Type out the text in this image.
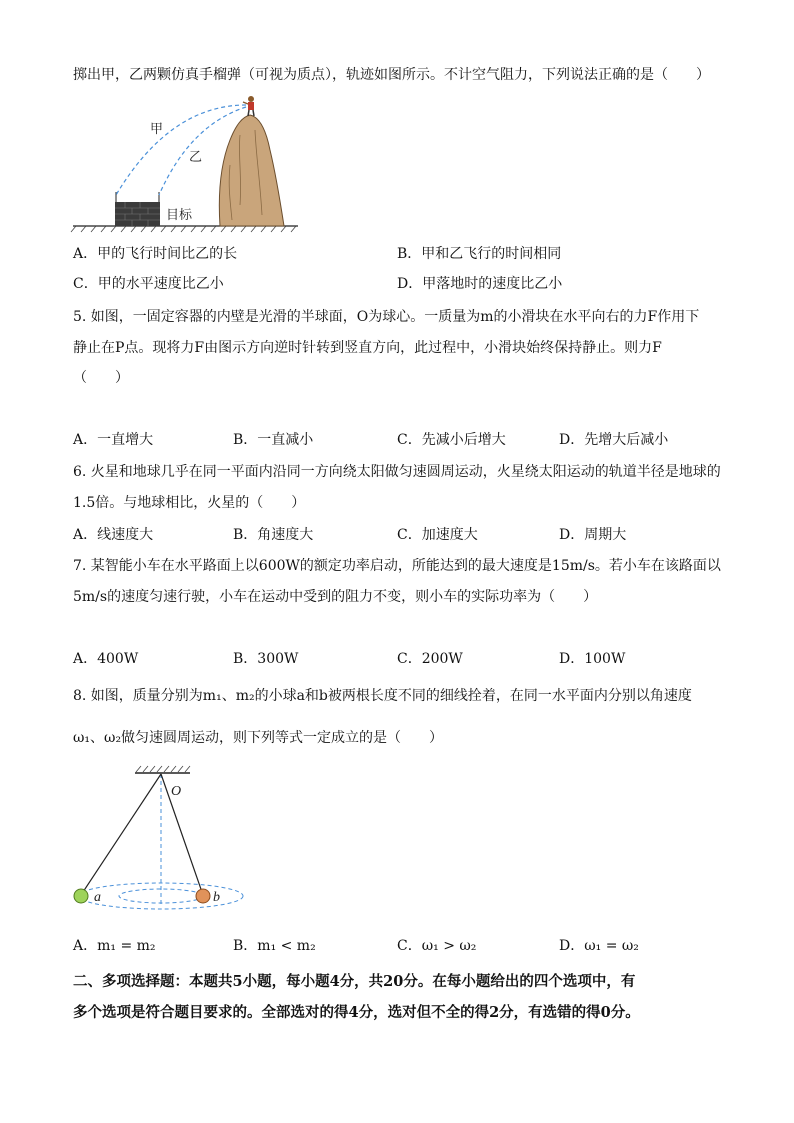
掷出甲，乙两颗仿真手榴弹（可视为质点），轨迹如图所示。不计空气阻力，下列说法正确的是（　　）
甲
乙
目标
A．甲的飞行时间比乙的长	B．甲和乙飞行的时间相同
C．甲的水平速度比乙小	D．甲落地时的速度比乙小
5. 如图，一固定容器的内壁是光滑的半球面，O为球心。一质量为m的小滑块在水平向右的力F作用下
静止在P点。现将力F由图示方向逆时针转到竖直方向，此过程中，小滑块始终保持静止。则力F
（　　）
A．一直增大	B．一直减小	C．先减小后增大	D．先增大后减小
6. 火星和地球几乎在同一平面内沿同一方向绕太阳做匀速圆周运动，火星绕太阳运动的轨道半径是地球的
1.5倍。与地球相比，火星的（　　）
A．线速度大	B．角速度大	C．加速度大	D．周期大
7. 某智能小车在水平路面上以600W的额定功率启动，所能达到的最大速度是15m/s。若小车在该路面以
5m/s的速度匀速行驶，小车在运动中受到的阻力不变，则小车的实际功率为（　　）
A．400W	B．300W	C．200W	D．100W
8. 如图，质量分别为m₁、m₂的小球a和b被两根长度不同的细线拴着，在同一水平面内分别以角速度
ω₁、ω₂做匀速圆周运动，则下列等式一定成立的是（　　）
O
a	b
A．m₁ = m₂	B．m₁ < m₂	C．ω₁ > ω₂	D．ω₁ = ω₂
二、多项选择题：本题共5小题，每小题4分，共20分。在每小题给出的四个选项中，有
多个选项是符合题目要求的。全部选对的得4分，选对但不全的得2分，有选错的得0分。
